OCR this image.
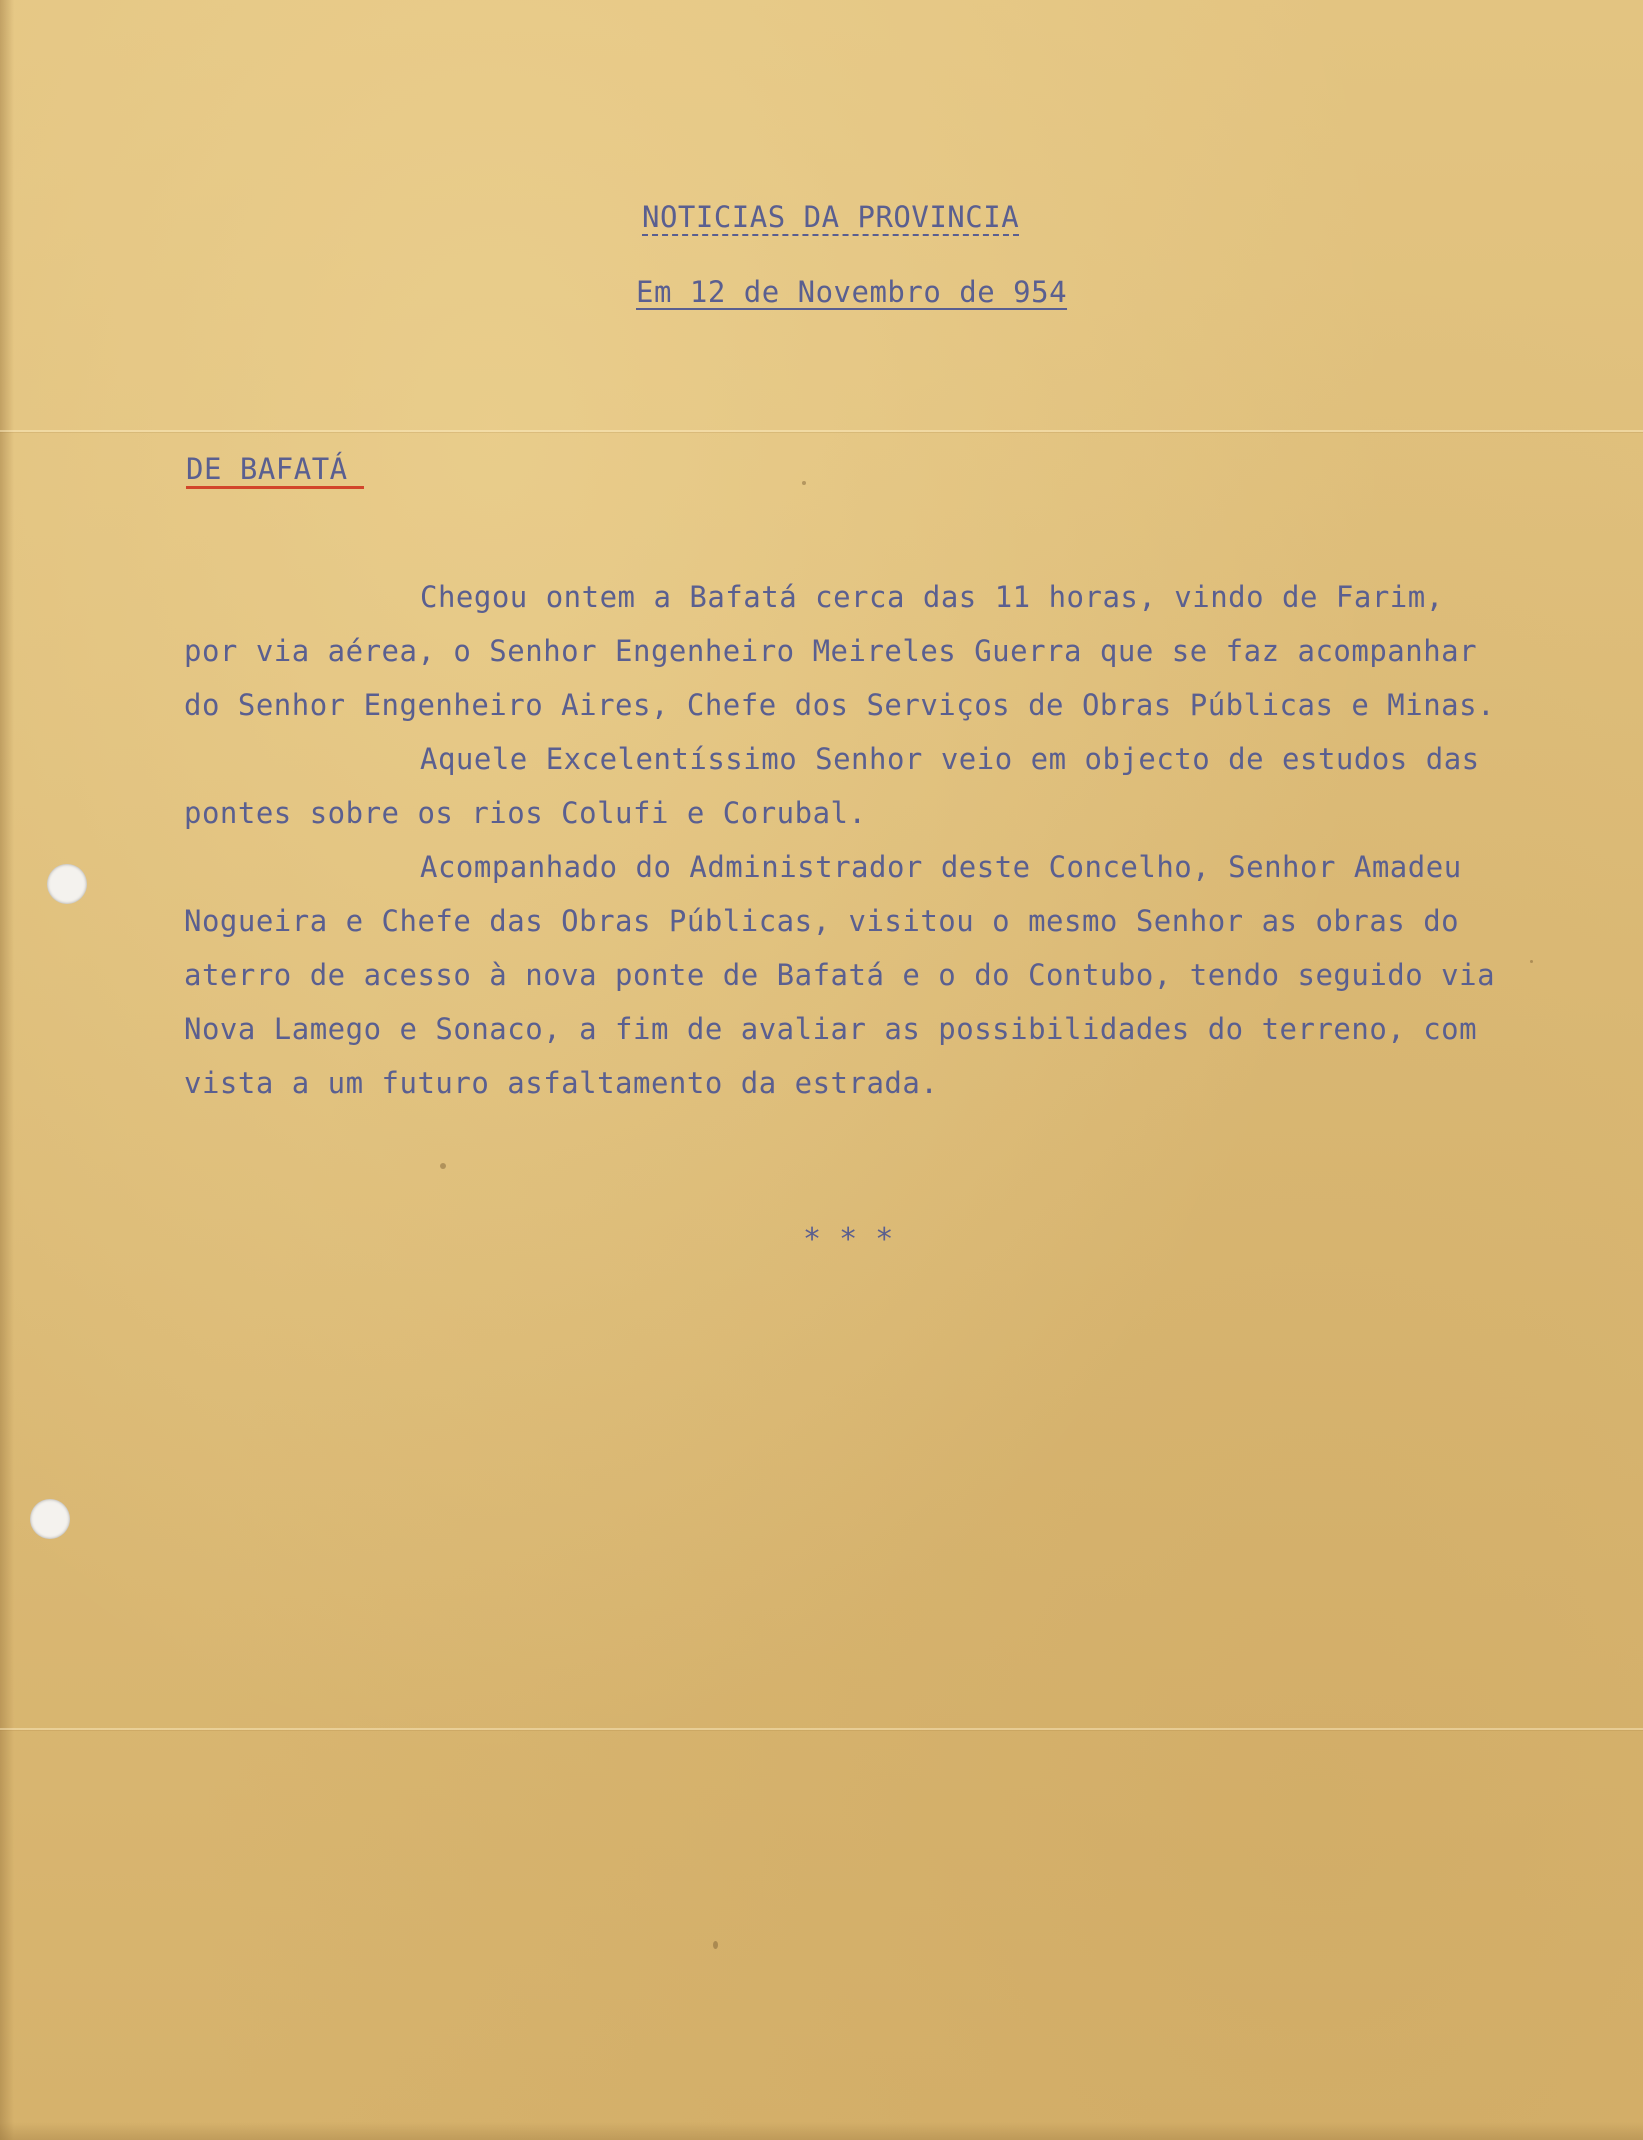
NOTICIAS DA PROVINCIA
Em 12 de Novembro de 954
DE BAFATÁ
Chegou ontem a Bafatá cerca das 11 horas, vindo de Farim,
por via aérea, o Senhor Engenheiro Meireles Guerra que se faz acompanhar
do Senhor Engenheiro Aires, Chefe dos Serviços de Obras Públicas e Minas.
Aquele Excelentíssimo Senhor veio em objecto de estudos das
pontes sobre os rios Colufi e Corubal.
Acompanhado do Administrador deste Concelho, Senhor Amadeu
Nogueira e Chefe das Obras Públicas, visitou o mesmo Senhor as obras do
aterro de acesso à nova ponte de Bafatá e o do Contubo, tendo seguido via
Nova Lamego e Sonaco, a fim de avaliar as possibilidades do terreno, com
vista a um futuro asfaltamento da estrada.
* * *
